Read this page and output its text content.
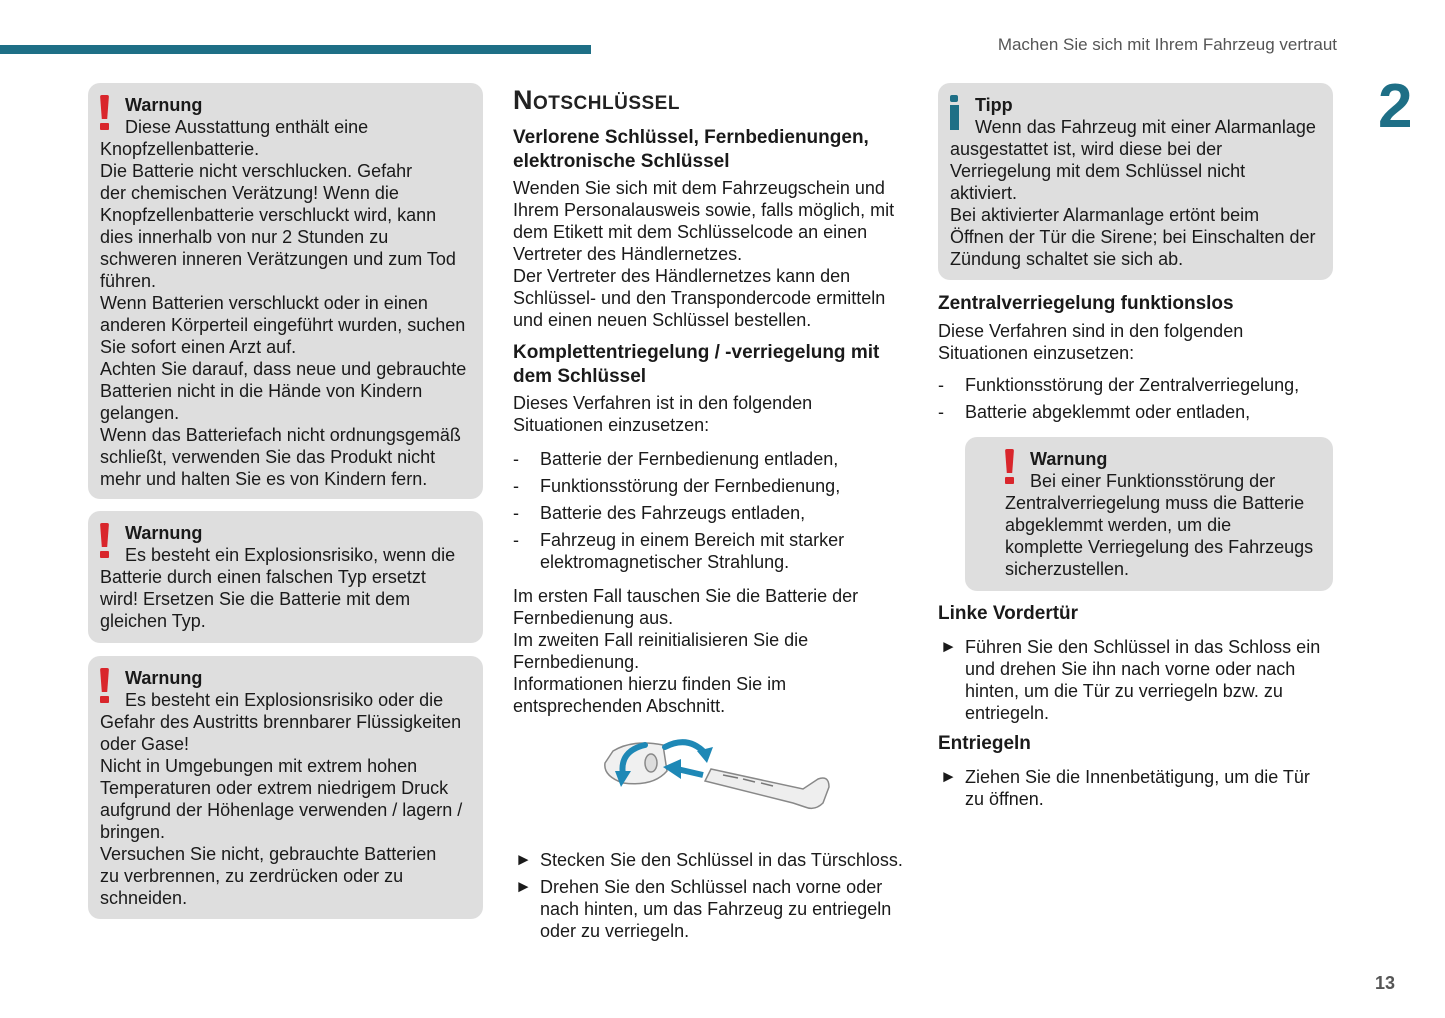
Machen Sie sich mit Ihrem Fahrzeug vertraut
2
Warnung
Diese Ausstattung enthält eine
Knopfzellenbatterie.
Die Batterie nicht verschlucken. Gefahr
der chemischen Verätzung! Wenn die
Knopfzellenbatterie verschluckt wird, kann
dies innerhalb von nur 2 Stunden zu
schweren inneren Verätzungen und zum Tod
führen.
Wenn Batterien verschluckt oder in einen
anderen Körperteil eingeführt wurden, suchen
Sie sofort einen Arzt auf.
Achten Sie darauf, dass neue und gebrauchte
Batterien nicht in die Hände von Kindern
gelangen.
Wenn das Batteriefach nicht ordnungsgemäß
schließt, verwenden Sie das Produkt nicht
mehr und halten Sie es von Kindern fern.
Warnung
Es besteht ein Explosionsrisiko, wenn die
Batterie durch einen falschen Typ ersetzt
wird! Ersetzen Sie die Batterie mit dem
gleichen Typ.
Warnung
Es besteht ein Explosionsrisiko oder die
Gefahr des Austritts brennbarer Flüssigkeiten
oder Gase!
Nicht in Umgebungen mit extrem hohen
Temperaturen oder extrem niedrigem Druck
aufgrund der Höhenlage verwenden / lagern /
bringen.
Versuchen Sie nicht, gebrauchte Batterien
zu verbrennen, zu zerdrücken oder zu
schneiden.
Notschlüssel
Verlorene Schlüssel, Fernbedienungen,
elektronische Schlüssel
Wenden Sie sich mit dem Fahrzeugschein und
Ihrem Personalausweis sowie, falls möglich, mit
dem Etikett mit dem Schlüsselcode an einen
Vertreter des Händlernetzes.
Der Vertreter des Händlernetzes kann den
Schlüssel- und den Transpondercode ermitteln
und einen neuen Schlüssel bestellen.
Komplettentriegelung / -verriegelung mit
dem Schlüssel
Dieses Verfahren ist in den folgenden
Situationen einzusetzen:
- Batterie der Fernbedienung entladen,
- Funktionsstörung der Fernbedienung,
- Batterie des Fahrzeugs entladen,
- Fahrzeug in einem Bereich mit starker
elektromagnetischer Strahlung.
Im ersten Fall tauschen Sie die Batterie der
Fernbedienung aus.
Im zweiten Fall reinitialisieren Sie die
Fernbedienung.
Informationen hierzu finden Sie im
entsprechenden Abschnitt.
► Stecken Sie den Schlüssel in das Türschloss.
► Drehen Sie den Schlüssel nach vorne oder
nach hinten, um das Fahrzeug zu entriegeln
oder zu verriegeln.
Tipp
Wenn das Fahrzeug mit einer Alarmanlage
ausgestattet ist, wird diese bei der
Verriegelung mit dem Schlüssel nicht
aktiviert.
Bei aktivierter Alarmanlage ertönt beim
Öffnen der Tür die Sirene; bei Einschalten der
Zündung schaltet sie sich ab.
Zentralverriegelung funktionslos
Diese Verfahren sind in den folgenden
Situationen einzusetzen:
- Funktionsstörung der Zentralverriegelung,
- Batterie abgeklemmt oder entladen,
Warnung
Bei einer Funktionsstörung der
Zentralverriegelung muss die Batterie
abgeklemmt werden, um die
komplette Verriegelung des Fahrzeugs
sicherzustellen.
Linke Vordertür
► Führen Sie den Schlüssel in das Schloss ein
und drehen Sie ihn nach vorne oder nach
hinten, um die Tür zu verriegeln bzw. zu
entriegeln.
Entriegeln
► Ziehen Sie die Innenbetätigung, um die Tür
zu öffnen.
13
